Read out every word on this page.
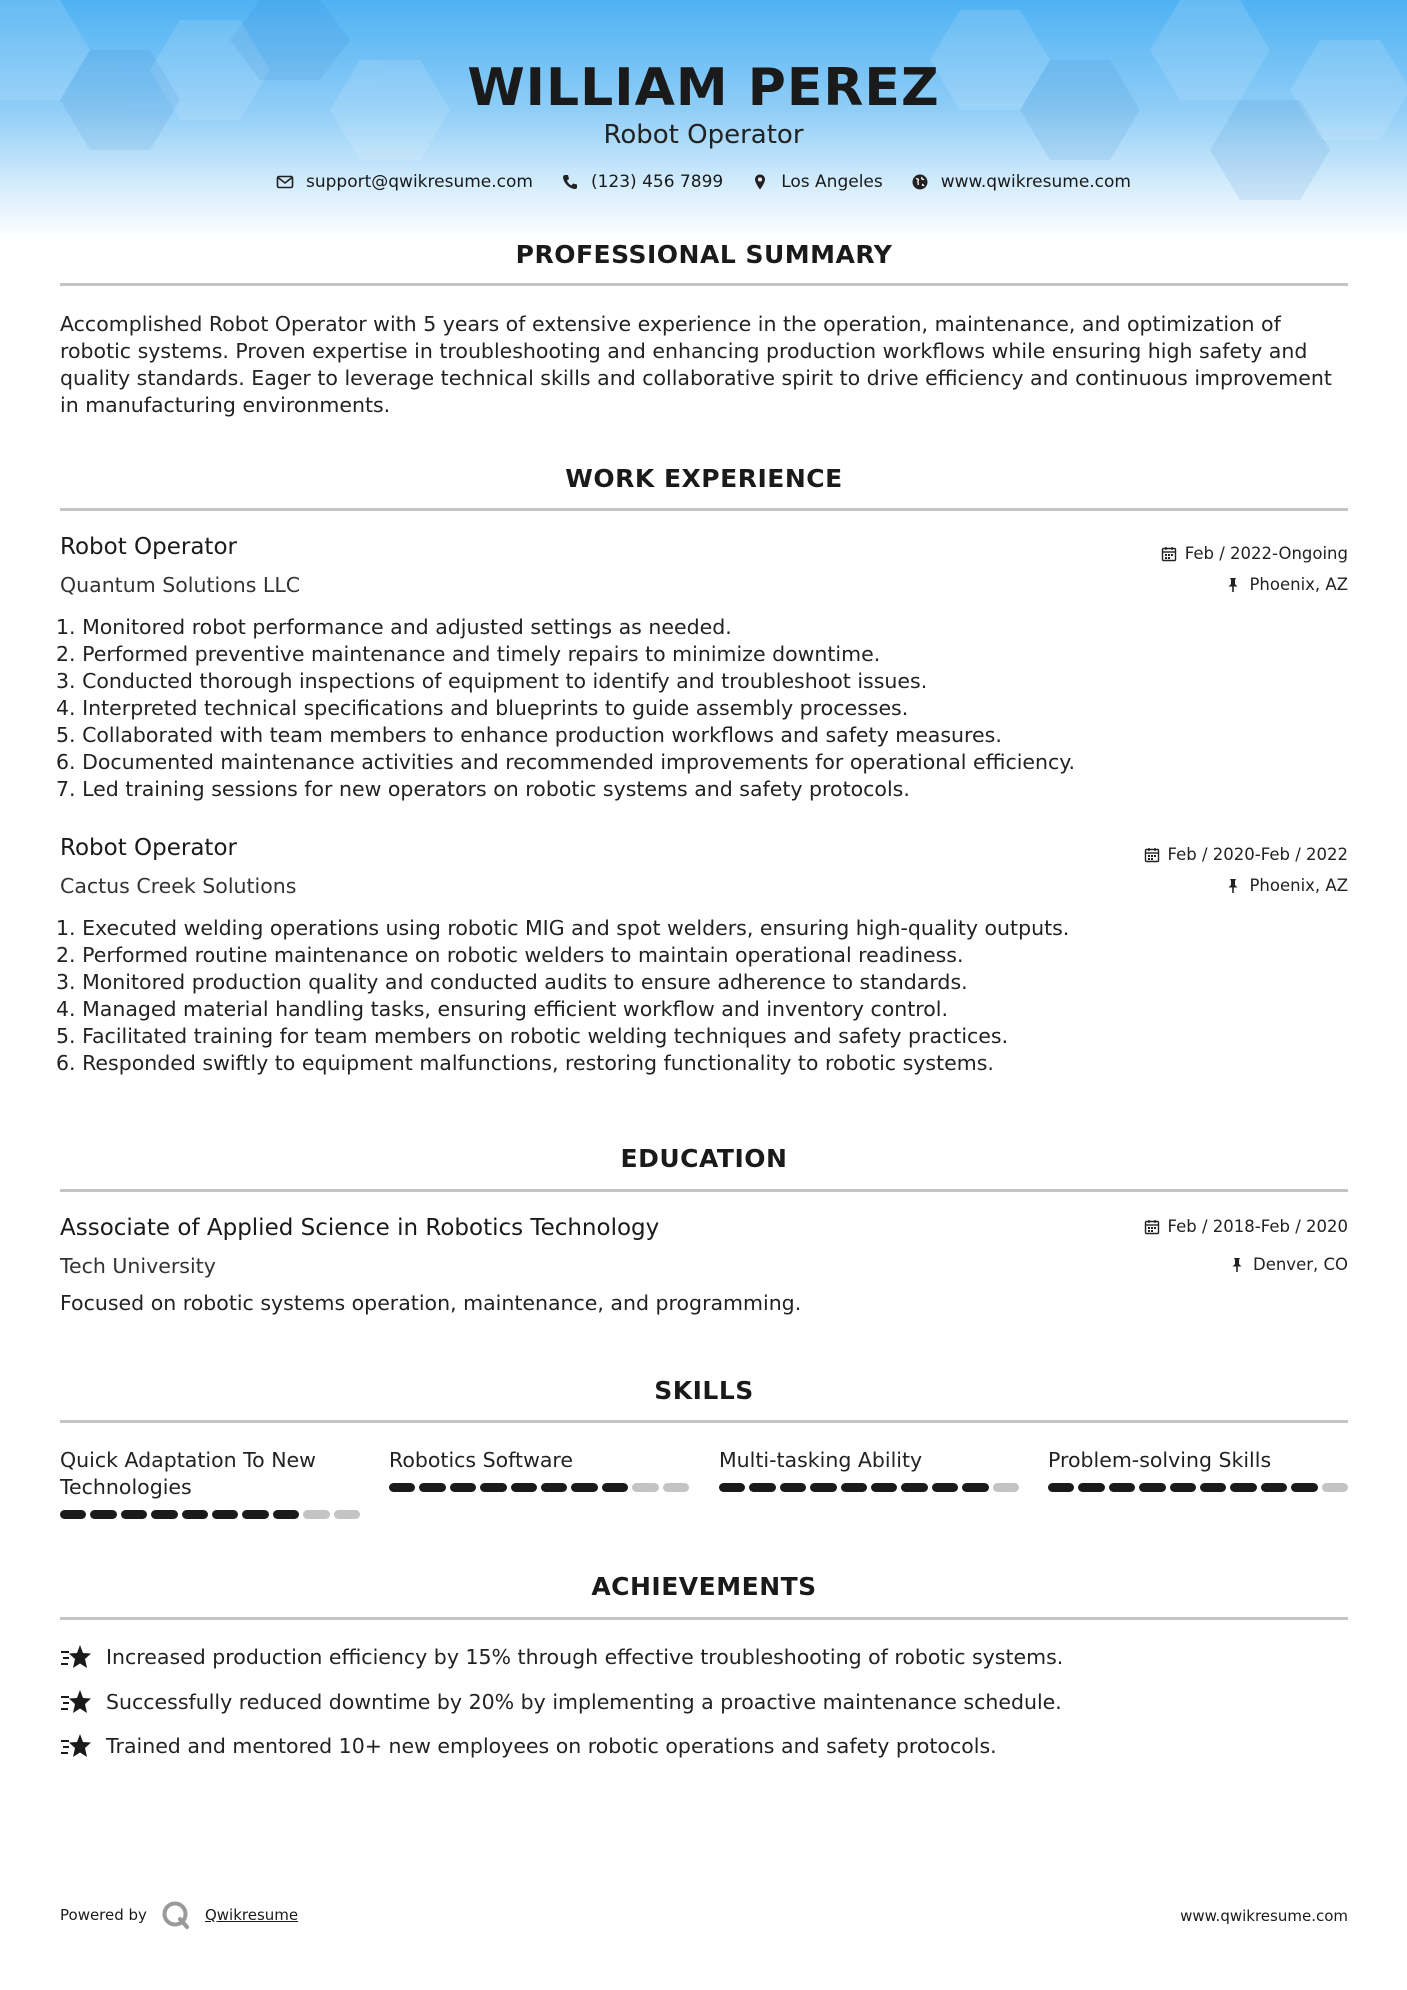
WILLIAM PEREZ
Robot Operator
support@qwikresume.com	(123) 456 7899	Los Angeles	www.qwikresume.com
PROFESSIONAL SUMMARY
Accomplished Robot Operator with 5 years of extensive experience in the operation, maintenance, and optimization of robotic systems. Proven expertise in troubleshooting and enhancing production workflows while ensuring high safety and quality standards. Eager to leverage technical skills and collaborative spirit to drive efficiency and continuous improvement in manufacturing environments.
WORK EXPERIENCE
Robot Operator
Quantum Solutions LLC
Feb / 2022-Ongoing
Phoenix, AZ
1. Monitored robot performance and adjusted settings as needed.
2. Performed preventive maintenance and timely repairs to minimize downtime.
3. Conducted thorough inspections of equipment to identify and troubleshoot issues.
4. Interpreted technical specifications and blueprints to guide assembly processes.
5. Collaborated with team members to enhance production workflows and safety measures.
6. Documented maintenance activities and recommended improvements for operational efficiency.
7. Led training sessions for new operators on robotic systems and safety protocols.
Robot Operator
Cactus Creek Solutions
Feb / 2020-Feb / 2022
Phoenix, AZ
1. Executed welding operations using robotic MIG and spot welders, ensuring high-quality outputs.
2. Performed routine maintenance on robotic welders to maintain operational readiness.
3. Monitored production quality and conducted audits to ensure adherence to standards.
4. Managed material handling tasks, ensuring efficient workflow and inventory control.
5. Facilitated training for team members on robotic welding techniques and safety practices.
6. Responded swiftly to equipment malfunctions, restoring functionality to robotic systems.
EDUCATION
Associate of Applied Science in Robotics Technology
Tech University
Focused on robotic systems operation, maintenance, and programming.
Feb / 2018-Feb / 2020
Denver, CO
SKILLS
Quick Adaptation To New Technologies
Robotics Software	Multi-tasking Ability	Problem-solving Skills
ACHIEVEMENTS
Increased production efficiency by 15% through effective troubleshooting of robotic systems.
Successfully reduced downtime by 20% by implementing a proactive maintenance schedule.
Trained and mentored 10+ new employees on robotic operations and safety protocols.
Powered by	Qwikresume	www.qwikresume.com
